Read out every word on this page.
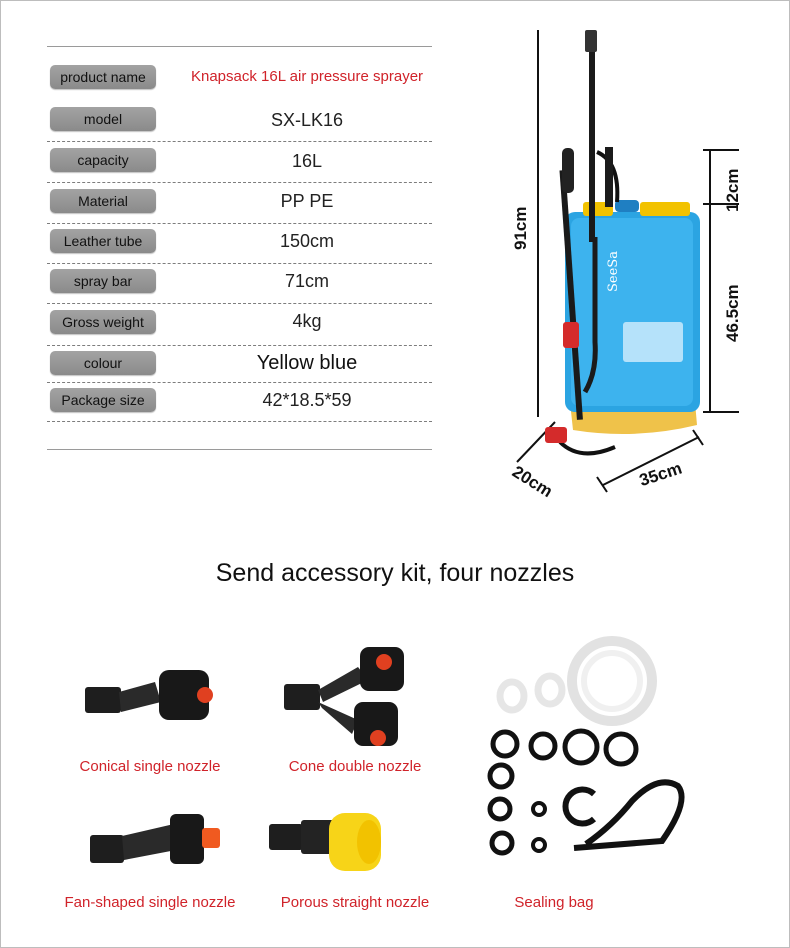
product name	Knapsack 16L air pressure sprayer
model	SX-LK16
capacity	16L
Material	PP PE
Leather tube	150cm
spray bar	71cm
Gross weight	4kg
colour	Yellow blue
Package size	42*18.5*59
SeeSa
91cm
12cm
46.5cm
20cm	35cm
Send accessory kit, four nozzles
Conical single nozzle	Cone double nozzle
Fan-shaped single nozzle	Porous straight nozzle	Sealing bag
